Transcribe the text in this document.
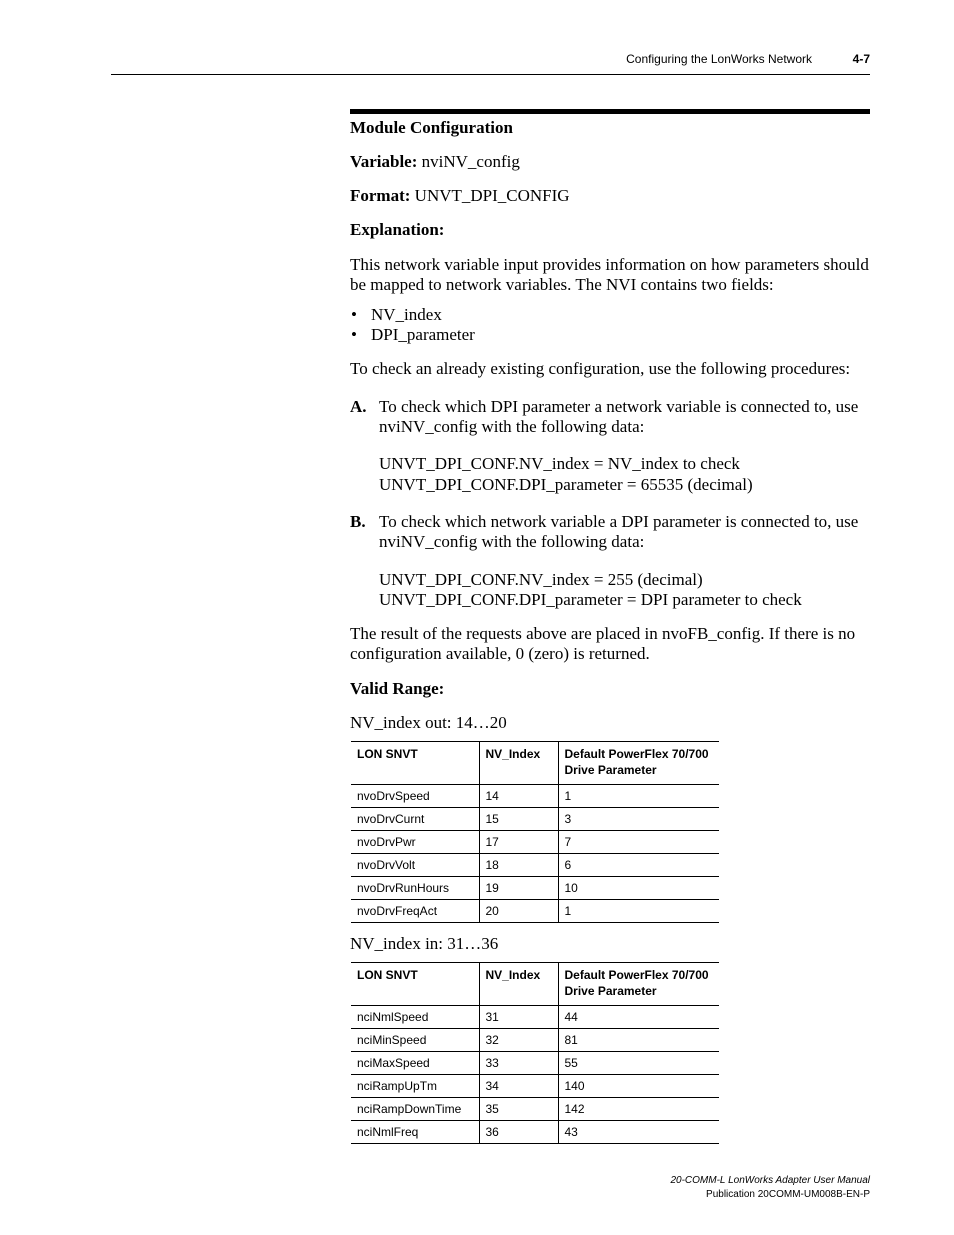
Configuring the LonWorks Network	4-7
Module Configuration
Variable: nviNV_config
Format: UNVT_DPI_CONFIG
Explanation:
This network variable input provides information on how parameters should
be mapped to network variables. The NVI contains two fields:
• NV_index
• DPI_parameter
To check an already existing configuration, use the following procedures:
A. To check which DPI parameter a network variable is connected to, use
nviNV_config with the following data:
UNVT_DPI_CONF.NV_index = NV_index to check
UNVT_DPI_CONF.DPI_parameter = 65535 (decimal)
B. To check which network variable a DPI parameter is connected to, use
nviNV_config with the following data:
UNVT_DPI_CONF.NV_index = 255 (decimal)
UNVT_DPI_CONF.DPI_parameter = DPI parameter to check
The result of the requests above are placed in nvoFB_config. If there is no
configuration available, 0 (zero) is returned.
Valid Range:
NV_index out: 14…20
LON SNVT	NV_Index	Default PowerFlex 70/700
Drive Parameter
nvoDrvSpeed	14	1
nvoDrvCurnt	15	3
nvoDrvPwr	17	7
nvoDrvVolt	18	6
nvoDrvRunHours	19	10
nvoDrvFreqAct	20	1
NV_index in: 31…36
LON SNVT	NV_Index	Default PowerFlex 70/700
Drive Parameter
nciNmlSpeed	31	44
nciMinSpeed	32	81
nciMaxSpeed	33	55
nciRampUpTm	34	140
nciRampDownTime	35	142
nciNmlFreq	36	43
20-COMM-L LonWorks Adapter User Manual
Publication 20COMM-UM008B-EN-P
